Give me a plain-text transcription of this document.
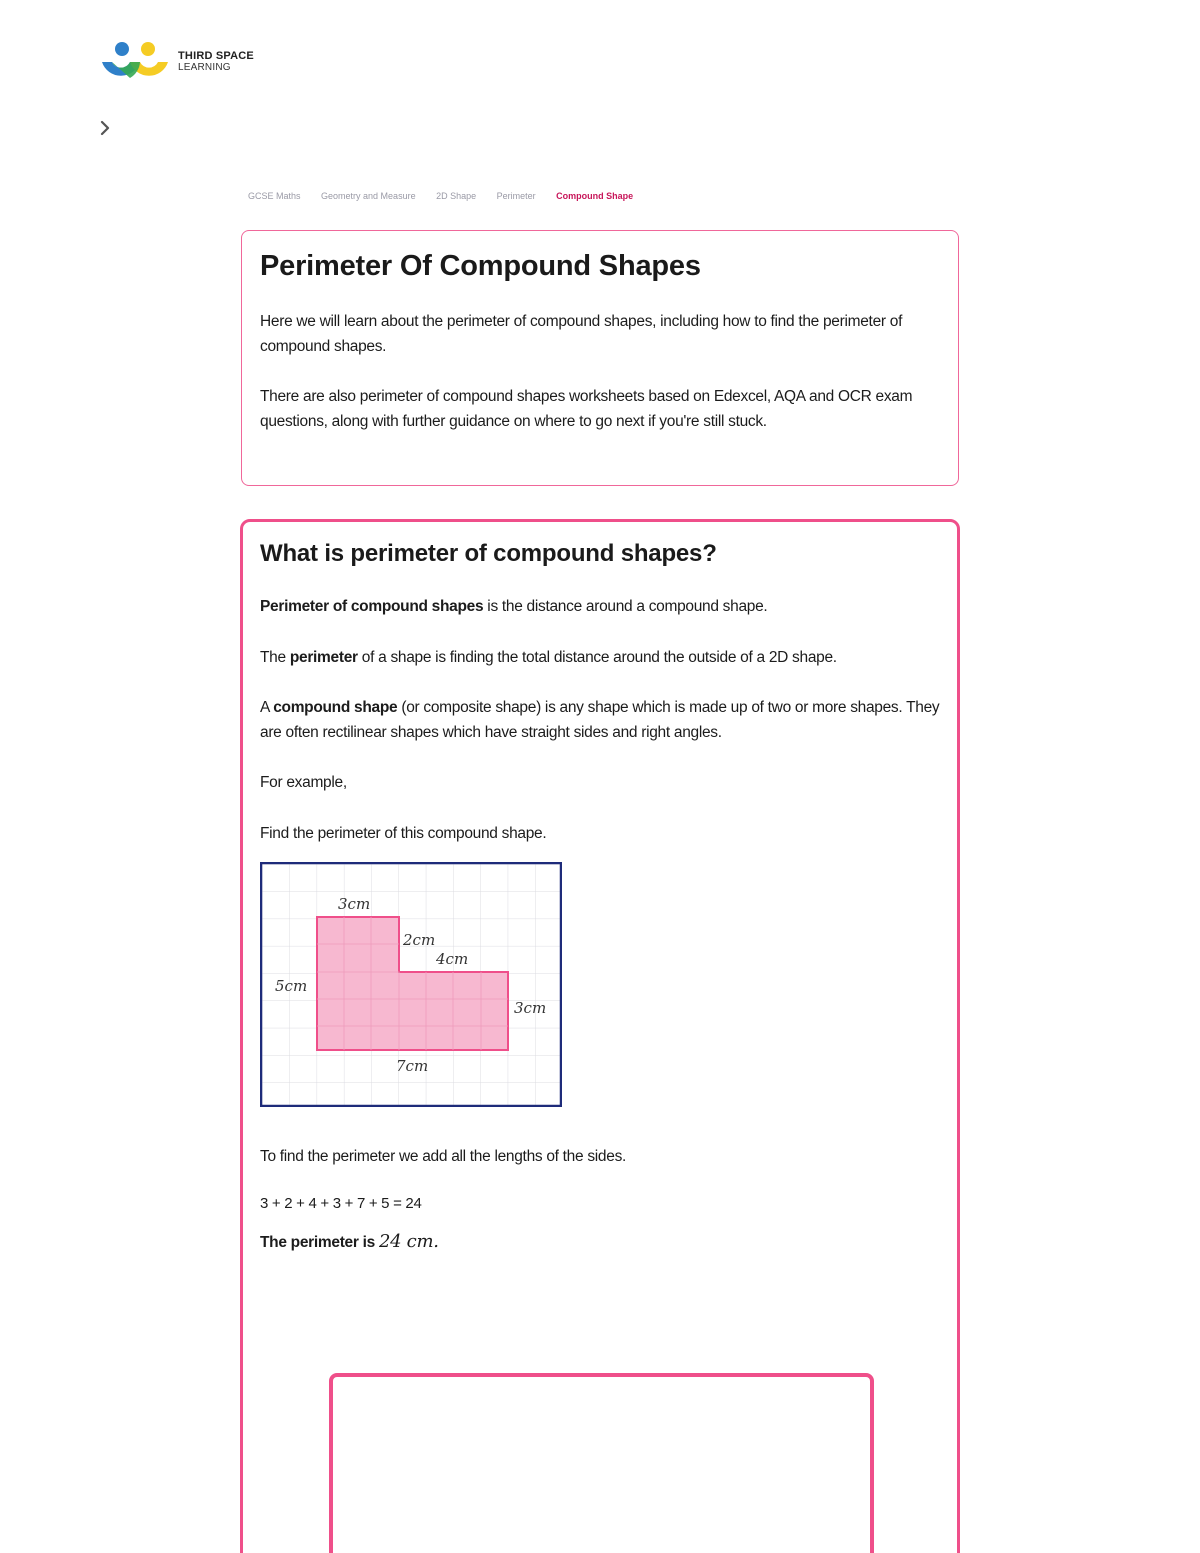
THIRD SPACE
LEARNING
GCSE Maths Geometry and Measure 2D Shape Perimeter Compound Shape
Perimeter Of Compound Shapes

Here we will learn about the perimeter of compound shapes, including how to find the perimeter of compound shapes.

There are also perimeter of compound shapes worksheets based on Edexcel, AQA and OCR exam questions, along with further guidance on where to go next if you're still stuck.

What is perimeter of compound shapes?

Perimeter of compound shapes is the distance around a compound shape.

The perimeter of a shape is finding the total distance around the outside of a 2D shape.

A compound shape (or composite shape) is any shape which is made up of two or more shapes. They are often rectilinear shapes which have straight sides and right angles.

For example,

Find the perimeter of this compound shape.

3cm
2cm
4cm
5cm
3cm
7cm

To find the perimeter we add all the lengths of the sides.

3 + 2 + 4 + 3 + 7 + 5 = 24

The perimeter is 24 cm.
